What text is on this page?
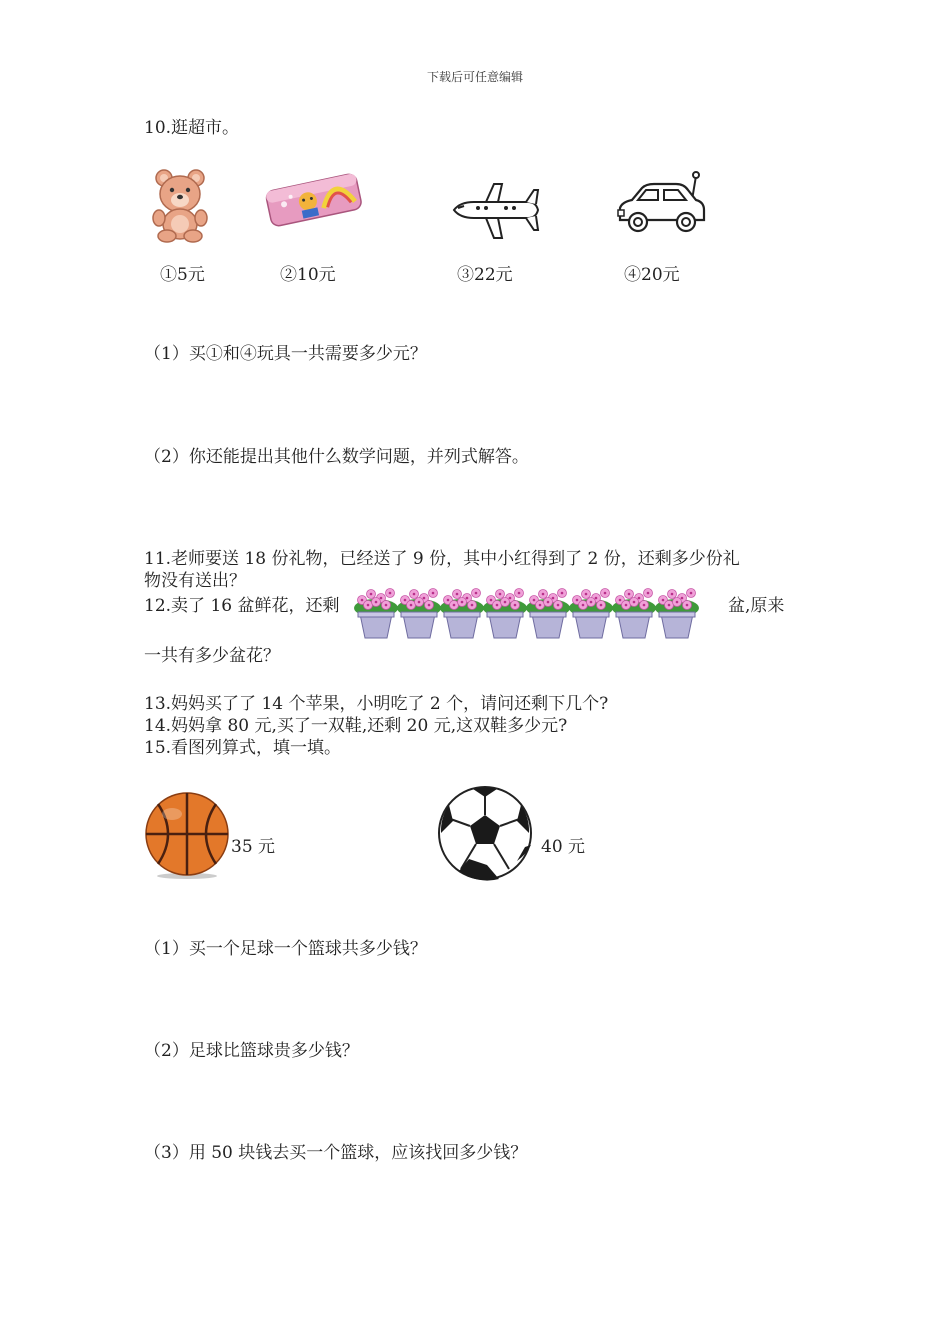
下载后可任意编辑
10.逛超市。
①5元	②10元	③22元	④20元
（1）买①和④玩具一共需要多少元？
（2）你还能提出其他什么数学问题，并列式解答。
11.老师要送 18 份礼物，已经送了 9 份，其中小红得到了 2 份，还剩多少份礼
物没有送出？
12.卖了 16 盆鲜花，还剩	盆,原来
一共有多少盆花？
13.妈妈买了了 14 个苹果，小明吃了 2 个，请问还剩下几个?
14.妈妈拿 80 元,买了一双鞋,还剩 20 元,这双鞋多少元?
15.看图列算式，填一填。
35 元	40 元
（1）买一个足球一个篮球共多少钱？
（2）足球比篮球贵多少钱？
（3）用 50 块钱去买一个篮球，应该找回多少钱？
